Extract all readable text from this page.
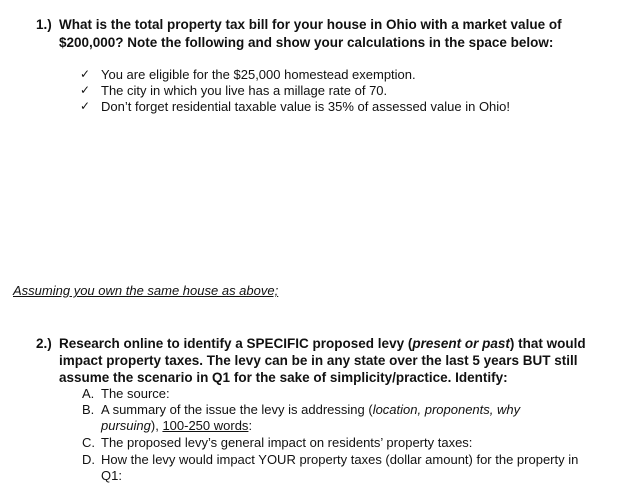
1.) What is the total property tax bill for your house in Ohio with a market value of
$200,000? Note the following and show your calculations in the space below:
✓ You are eligible for the $25,000 homestead exemption.
✓ The city in which you live has a millage rate of 70.
✓ Don’t forget residential taxable value is 35% of assessed value in Ohio!
Assuming you own the same house as above;
2.) Research online to identify a SPECIFIC proposed levy (present or past) that would
impact property taxes. The levy can be in any state over the last 5 years BUT still
assume the scenario in Q1 for the sake of simplicity/practice. Identify:
A. The source:
B. A summary of the issue the levy is addressing (location, proponents, why pursuing), 100-250 words:
C. The proposed levy’s general impact on residents’ property taxes:
D. How the levy would impact YOUR property taxes (dollar amount) for the property in Q1:
